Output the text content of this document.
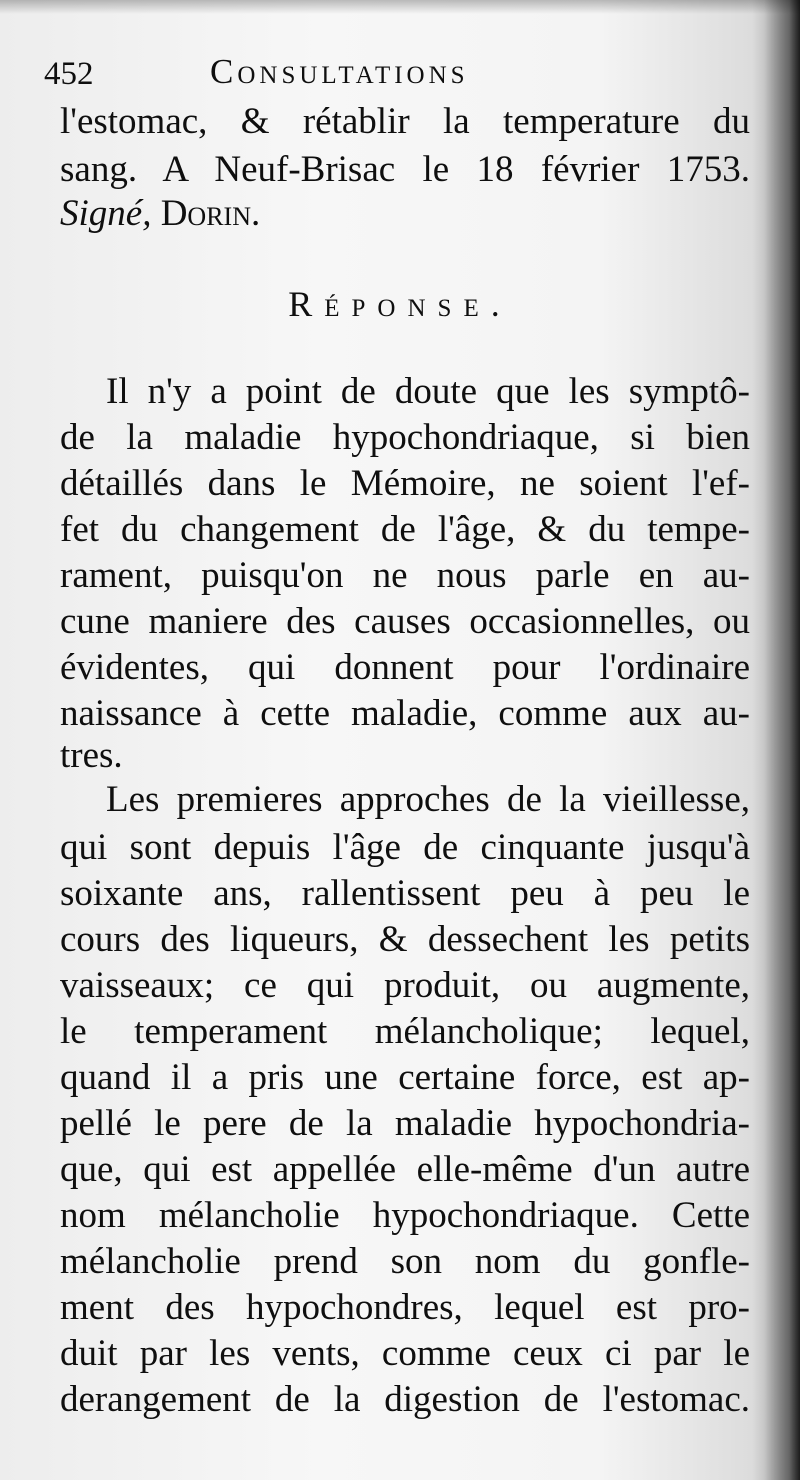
452	Consultations
l'estomac, & rétablir la temperature du
sang. A Neuf-Brisac le 18 février 1753.
Signé, Dorin.
Réponse.
Il n'y a point de doute que les symptô-
de la maladie hypochondriaque, si bien
détaillés dans le Mémoire, ne soient l'ef-
fet du changement de l'âge, & du tempe-
rament, puisqu'on ne nous parle en au-
cune maniere des causes occasionnelles, ou
évidentes, qui donnent pour l'ordinaire
naissance à cette maladie, comme aux au-
tres.
Les premieres approches de la vieillesse,
qui sont depuis l'âge de cinquante jusqu'à
soixante ans, rallentissent peu à peu le
cours des liqueurs, & dessechent les petits
vaisseaux; ce qui produit, ou augmente,
le temperament mélancholique; lequel,
quand il a pris une certaine force, est ap-
pellé le pere de la maladie hypochondria-
que, qui est appellée elle-même d'un autre
nom mélancholie hypochondriaque. Cette
mélancholie prend son nom du gonfle-
ment des hypochondres, lequel est pro-
duit par les vents, comme ceux ci par le
derangement de la digestion de l'estomac.
